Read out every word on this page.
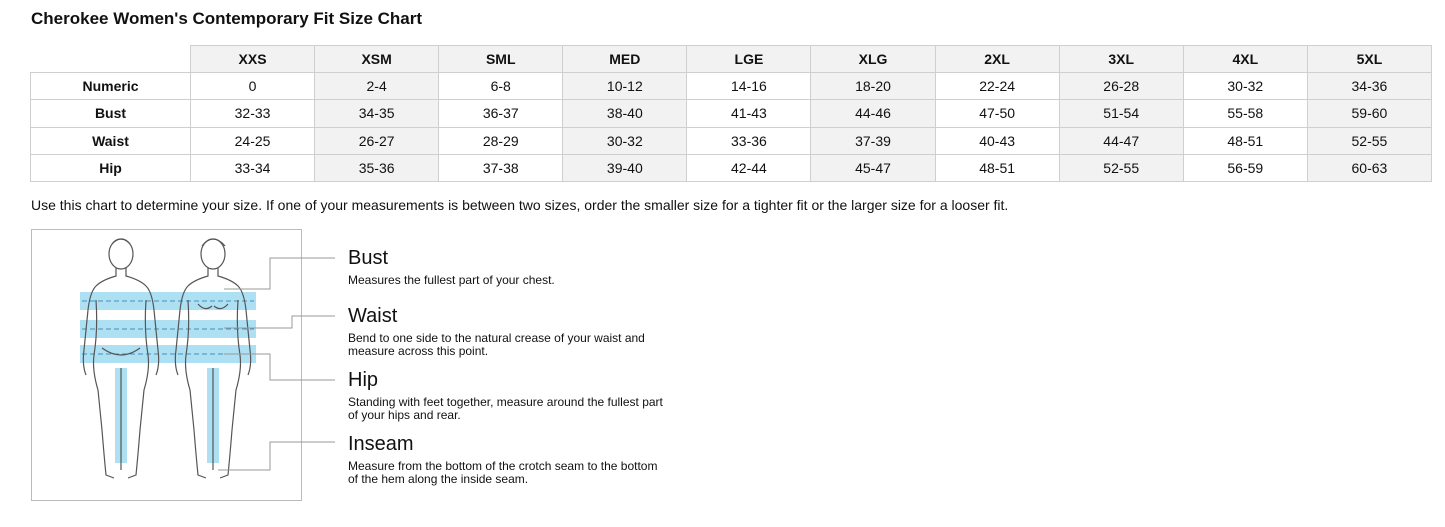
Cherokee Women's Contemporary Fit Size Chart
	XXS	XSM	SML	MED	LGE	XLG	2XL	3XL	4XL	5XL
Numeric	0	2-4	6-8	10-12	14-16	18-20	22-24	26-28	30-32	34-36
Bust	32-33	34-35	36-37	38-40	41-43	44-46	47-50	51-54	55-58	59-60
Waist	24-25	26-27	28-29	30-32	33-36	37-39	40-43	44-47	48-51	52-55
Hip	33-34	35-36	37-38	39-40	42-44	45-47	48-51	52-55	56-59	60-63
Use this chart to determine your size. If one of your measurements is between two sizes, order the smaller size for a tighter fit or the larger size for a looser fit.
Bust
Measures the fullest part of your chest.
Waist
Bend to one side to the natural crease of your waist and measure across this point.
Hip
Standing with feet together, measure around the fullest part of your hips and rear.
Inseam
Measure from the bottom of the crotch seam to the bottom of the hem along the inside seam.
